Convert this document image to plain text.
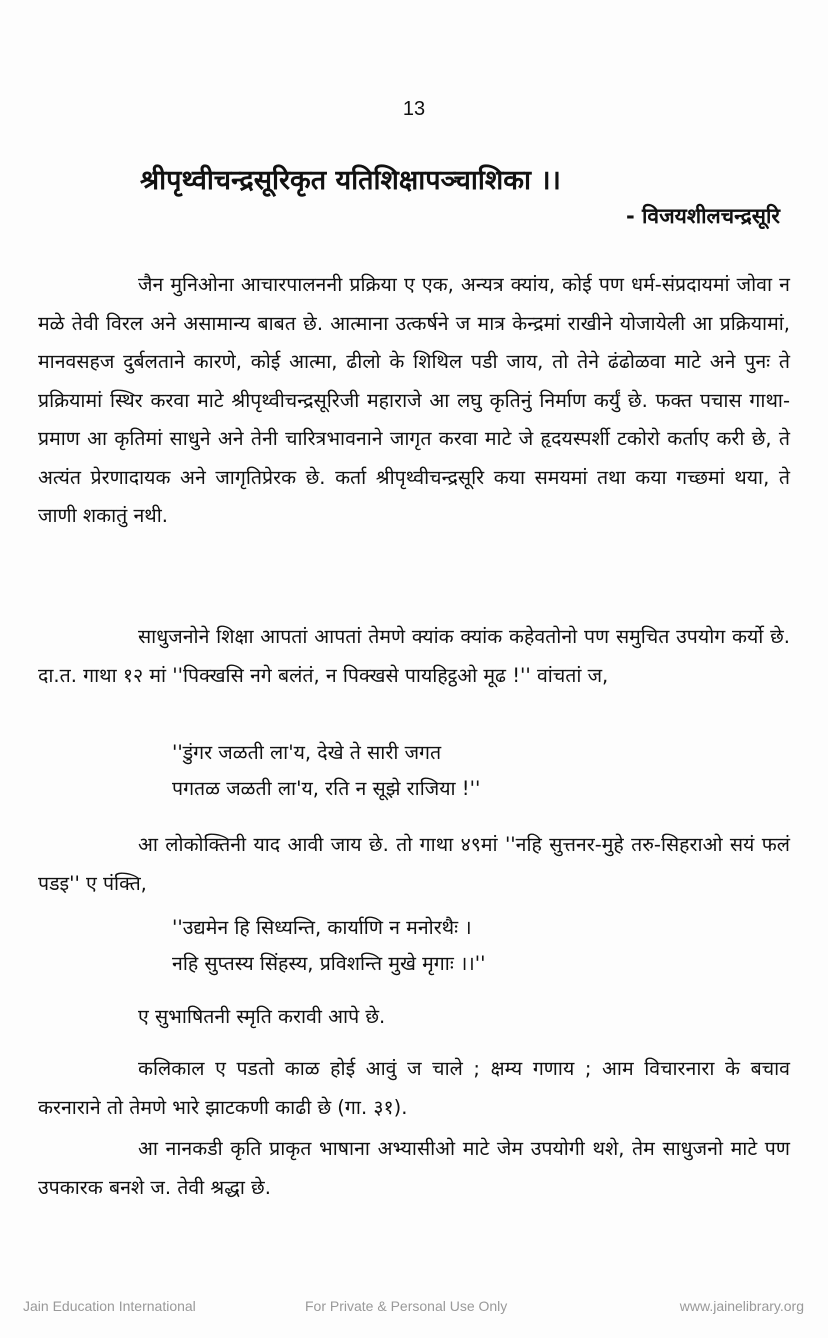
13
श्रीपृथ्वीचन्द्रसूरिकृत यतिशिक्षापञ्चाशिका ।।
- विजयशीलचन्द्रसूरि

जैन मुनिओना आचारपालननी प्रक्रिया ए एक, अन्यत्र क्यांय, कोई पण धर्म-संप्रदायमां जोवा न मळे तेवी विरल अने असामान्य बाबत छे. आत्माना उत्कर्षने ज मात्र केन्द्रमां राखीने योजायेली आ प्रक्रियामां, मानवसहज दुर्बलताने कारणे, कोई आत्मा, ढीलो के शिथिल पडी जाय, तो तेने ढंढोळवा माटे अने पुनः ते प्रक्रियामां स्थिर करवा माटे श्रीपृथ्वीचन्द्रसूरिजी महाराजे आ लघु कृतिनुं निर्माण कर्युं छे. फक्त पचास गाथा-प्रमाण आ कृतिमां साधुने अने तेनी चारित्रभावनाने जागृत करवा माटे जे हृदयस्पर्शी टकोरो कर्ताए करी छे, ते अत्यंत प्रेरणादायक अने जागृतिप्रेरक छे. कर्ता श्रीपृथ्वीचन्द्रसूरि कया समयमां तथा कया गच्छमां थया, ते जाणी शकातुं नथी.

साधुजनोने शिक्षा आपतां आपतां तेमणे क्यांक क्यांक कहेवतोनो पण समुचित उपयोग कर्यो छे. दा.त. गाथा १२ मां ''पिक्खसि नगे बलंतं, न पिक्खसे पायहिट्ठओ मूढ !'' वांचतां ज,

''डुंगर जळती ला'य, देखे ते सारी जगत

पगतळ जळती ला'य, रति न सूझे राजिया !''

आ लोकोक्तिनी याद आवी जाय छे. तो गाथा ४९मां ''नहि सुत्तनर-मुहे तरु-सिहराओ सयं फलं पडइ'' ए पंक्ति,

''उद्यमेन हि सिध्यन्ति, कार्याणि न मनोरथैः ।

नहि सुप्तस्य सिंहस्य, प्रविशन्ति मुखे मृगाः ।।''

ए सुभाषितनी स्मृति करावी आपे छे.

कलिकाल ए पडतो काळ होई आवुं ज चाले ; क्षम्य गणाय ; आम विचारनारा के बचाव करनाराने तो तेमणे भारे झाटकणी काढी छे (गा. ३१).

आ नानकडी कृति प्राकृत भाषाना अभ्यासीओ माटे जेम उपयोगी थशे, तेम साधुजनो माटे पण उपकारक बनशे ज. तेवी श्रद्धा छे.

Jain Education International	For Private & Personal Use Only	www.jainelibrary.org
